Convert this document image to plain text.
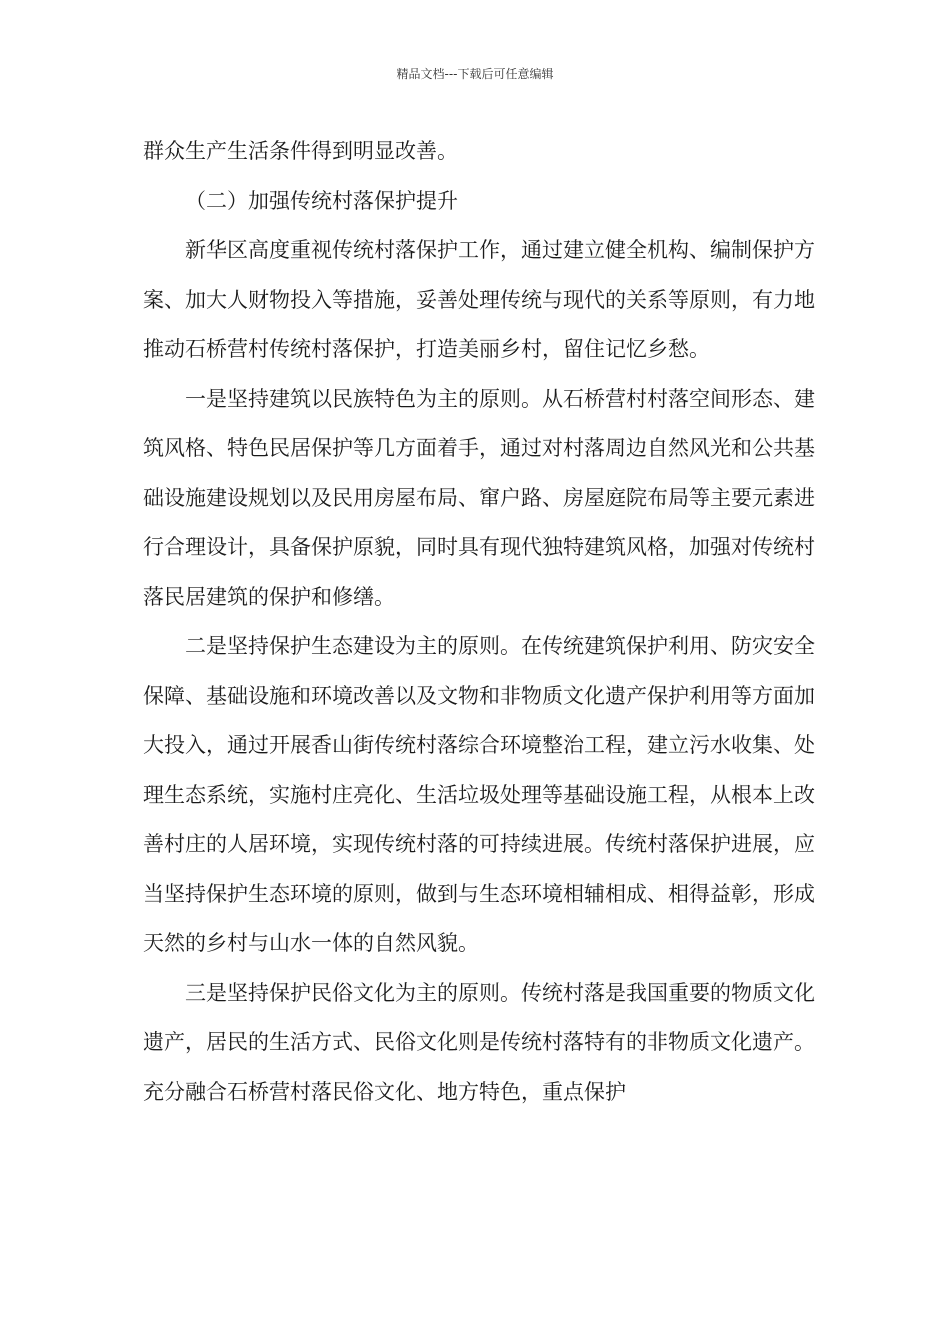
精品文档---下载后可任意编辑

群众生产生活条件得到明显改善。

（二）加强传统村落保护提升

新华区高度重视传统村落保护工作，通过建立健全机构、编制保护方案、加大人财物投入等措施，妥善处理传统与现代的关系等原则，有力地推动石桥营村传统村落保护，打造美丽乡村，留住记忆乡愁。

一是坚持建筑以民族特色为主的原则。从石桥营村村落空间形态、建筑风格、特色民居保护等几方面着手，通过对村落周边自然风光和公共基础设施建设规划以及民用房屋布局、窜户路、房屋庭院布局等主要元素进行合理设计，具备保护原貌，同时具有现代独特建筑风格，加强对传统村落民居建筑的保护和修缮。

二是坚持保护生态建设为主的原则。在传统建筑保护利用、防灾安全保障、基础设施和环境改善以及文物和非物质文化遗产保护利用等方面加大投入，通过开展香山街传统村落综合环境整治工程，建立污水收集、处理生态系统，实施村庄亮化、生活垃圾处理等基础设施工程，从根本上改善村庄的人居环境，实现传统村落的可持续进展。传统村落保护进展，应当坚持保护生态环境的原则，做到与生态环境相辅相成、相得益彰，形成天然的乡村与山水一体的自然风貌。

三是坚持保护民俗文化为主的原则。传统村落是我国重要的物质文化遗产，居民的生活方式、民俗文化则是传统村落特有的非物质文化遗产。充分融合石桥营村落民俗文化、地方特色，重点保护
